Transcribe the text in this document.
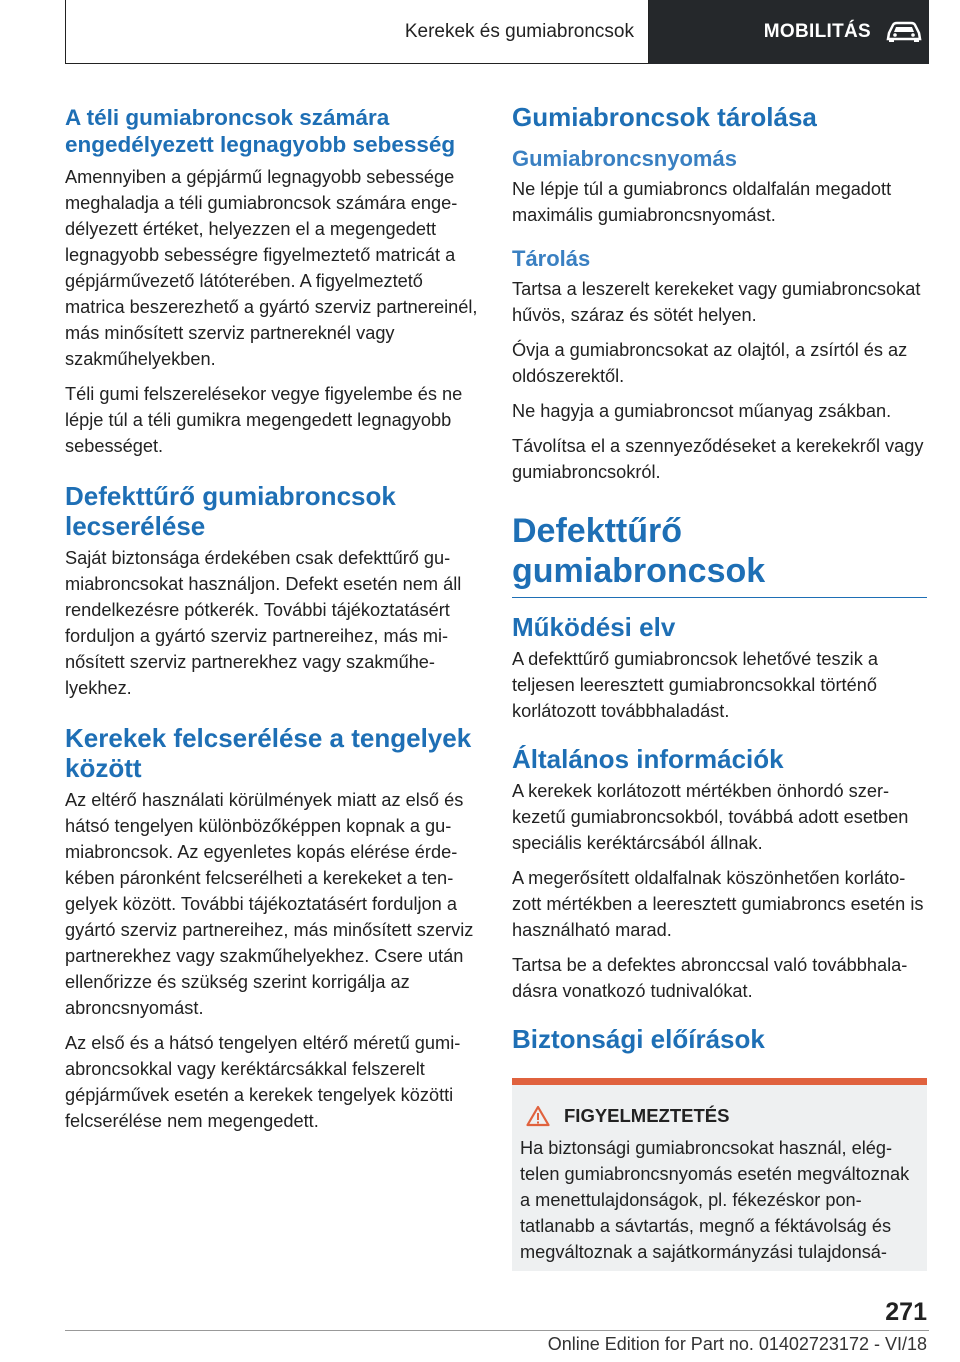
Kerekek és gumiabroncsok	MOBILITÁS
A téli gumiabroncsok számára engedélyezett legnagyobb sebesség

Amennyiben a gépjármű legnagyobb sebessége meghaladja a téli gumiabroncsok számára engedélyezett értéket, helyezzen el a megengedett legnagyobb sebességre figyelmeztető matricát a gépjárművezető látóterében. A figyelmeztető matrica beszerezhető a gyártó szerviz partnereinél, más minősített szerviz partnereknél vagy szakműhelyekben.

Téli gumi felszerelésekor vegye figyelembe és ne lépje túl a téli gumikra megengedett legnagyobb sebességet.

Defekttűrő gumiabroncsok lecserélése

Saját biztonsága érdekében csak defekttűrő gumiabroncsokat használjon. Defekt esetén nem áll rendelkezésre pótkerék. További tájékoztatásért forduljon a gyártó szerviz partnereihez, más minősített szerviz partnerekhez vagy szakműhelyekhez.

Kerekek felcserélése a tengelyek között

Az eltérő használati körülmények miatt az első és hátsó tengelyen különbözőképpen kopnak a gumiabroncsok. Az egyenletes kopás elérése érdekében páronként felcserélheti a kerekeket a tengelyek között. További tájékoztatásért forduljon a gyártó szerviz partnereihez, más minősített szerviz partnerekhez vagy szakműhelyekhez. Csere után ellenőrizze és szükség szerint korrigálja az abroncsnyomást.

Az első és a hátsó tengelyen eltérő méretű gumiabroncsokkal vagy keréktárcsákkal felszerelt gépjárművek esetén a kerekek tengelyek közötti felcserélése nem megengedett.

Gumiabroncsok tárolása
Gumiabroncsnyomás

Ne lépje túl a gumiabroncs oldalfalán megadott maximális gumiabroncsnyomást.

Tárolás

Tartsa a leszerelt kerekeket vagy gumiabroncsokat hűvös, száraz és sötét helyen.

Óvja a gumiabroncsokat az olajtól, a zsírtól és az oldószerektől.

Ne hagyja a gumiabroncsot műanyag zsákban.

Távolítsa el a szennyeződéseket a kerekekről vagy gumiabroncsokról.

Defekttűrő gumiabroncsok
Működési elv

A defekttűrő gumiabroncsok lehetővé teszik a teljesen leeresztett gumiabroncsokkal történő korlátozott továbbhaladást.

Általános információk

A kerekek korlátozott mértékben önhordó szerkezetű gumiabroncsokból, továbbá adott esetben speciális keréktárcsából állnak.

A megerősített oldalfalnak köszönhetően korlátozott mértékben a leeresztett gumiabroncs esetén is használható marad.

Tartsa be a defektes abronccsal való továbbhaladásra vonatkozó tudnivalókat.

Biztonsági előírások
FIGYELMEZTETÉS

Ha biztonsági gumiabroncsokat használ, elégtelen gumiabroncsnyomás esetén megváltoznak a menettulajdonságok, pl. fékezéskor pontatlanabb a sávtartás, megnő a féktávolság és megváltoznak a sajátkormányzási tulajdonsá-

271
Online Edition for Part no. 01402723172 - VI/18
